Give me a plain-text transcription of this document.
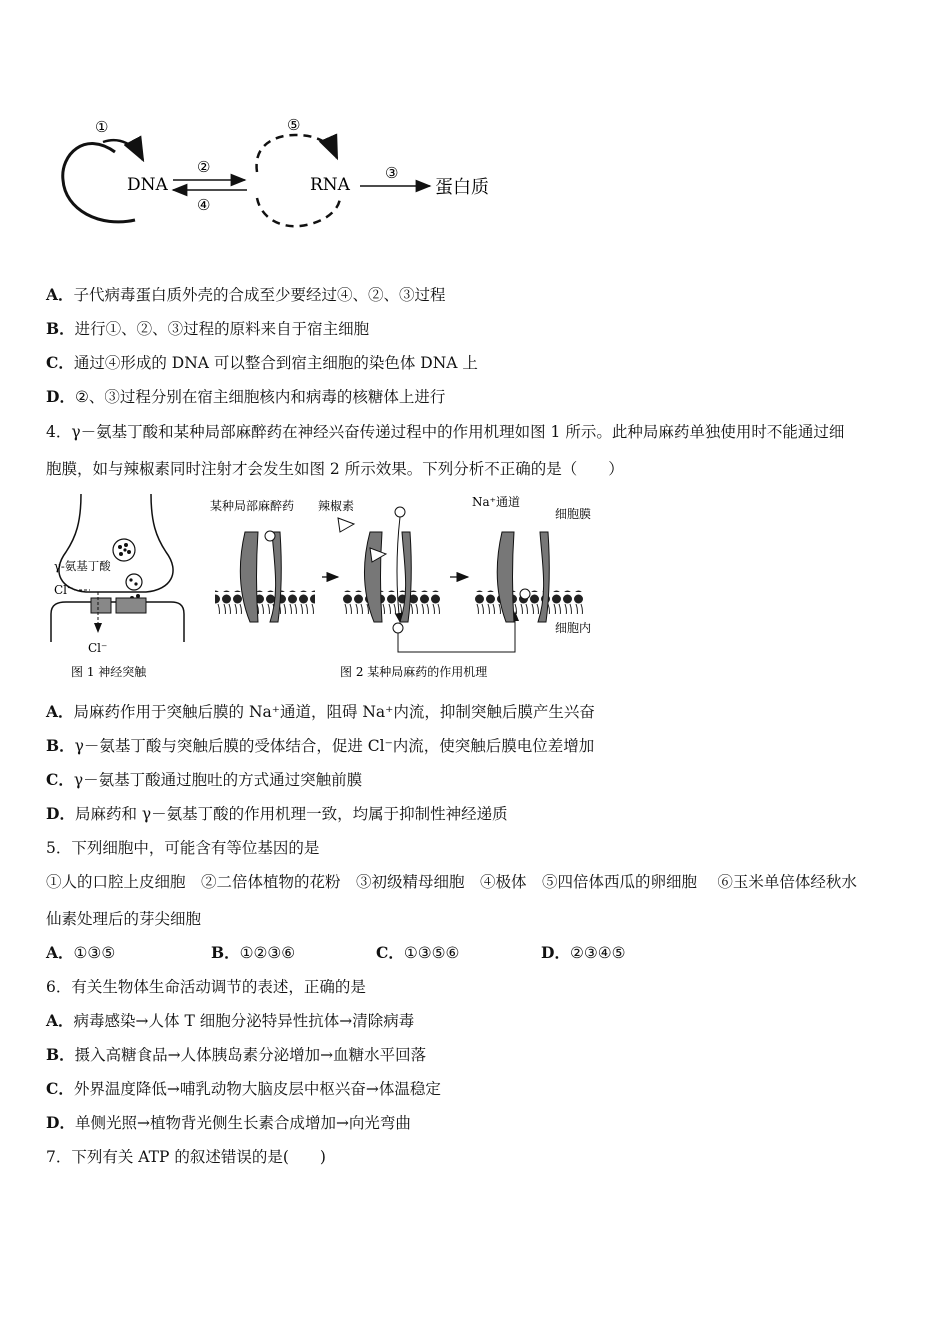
①
DNA
②
④
⑤
RNA
③
蛋白质
A．子代病毒蛋白质外壳的合成至少要经过④、②、③过程
B．进行①、②、③过程的原料来自于宿主细胞
C．通过④形成的 DNA 可以整合到宿主细胞的染色体 DNA 上
D．②、③过程分别在宿主细胞核内和病毒的核糖体上进行
4．γ－氨基丁酸和某种局部麻醉药在神经兴奋传递过程中的作用机理如图 1 所示。此种局麻药单独使用时不能通过细
胞膜，如与辣椒素同时注射才会发生如图 2 所示效果。下列分析不正确的是（　　）
γ-氨基丁酸
Cl⁻
Cl⁻
图 1 神经突触
某种局部麻醉药 辣椒素	Na⁺通道
细胞膜
细胞内
图 2 某种局麻药的作用机理
A．局麻药作用于突触后膜的 Na⁺通道，阻碍 Na⁺内流，抑制突触后膜产生兴奋
B．γ－氨基丁酸与突触后膜的受体结合，促进 Cl⁻内流，使突触后膜电位差增加
C．γ－氨基丁酸通过胞吐的方式通过突触前膜
D．局麻药和 γ－氨基丁酸的作用机理一致，均属于抑制性神经递质
5．下列细胞中，可能含有等位基因的是
①人的口腔上皮细胞　②二倍体植物的花粉　③初级精母细胞　④极体　⑤四倍体西瓜的卵细胞　 ⑥玉米单倍体经秋水
仙素处理后的芽尖细胞
A．①③⑤	B．①②③⑥	C．①③⑤⑥	D．②③④⑤
6．有关生物体生命活动调节的表述，正确的是
A．病毒感染→人体 T 细胞分泌特异性抗体→清除病毒
B．摄入高糖食品→人体胰岛素分泌增加→血糖水平回落
C．外界温度降低→哺乳动物大脑皮层中枢兴奋→体温稳定
D．单侧光照→植物背光侧生长素合成增加→向光弯曲
7．下列有关 ATP 的叙述错误的是(　　)
